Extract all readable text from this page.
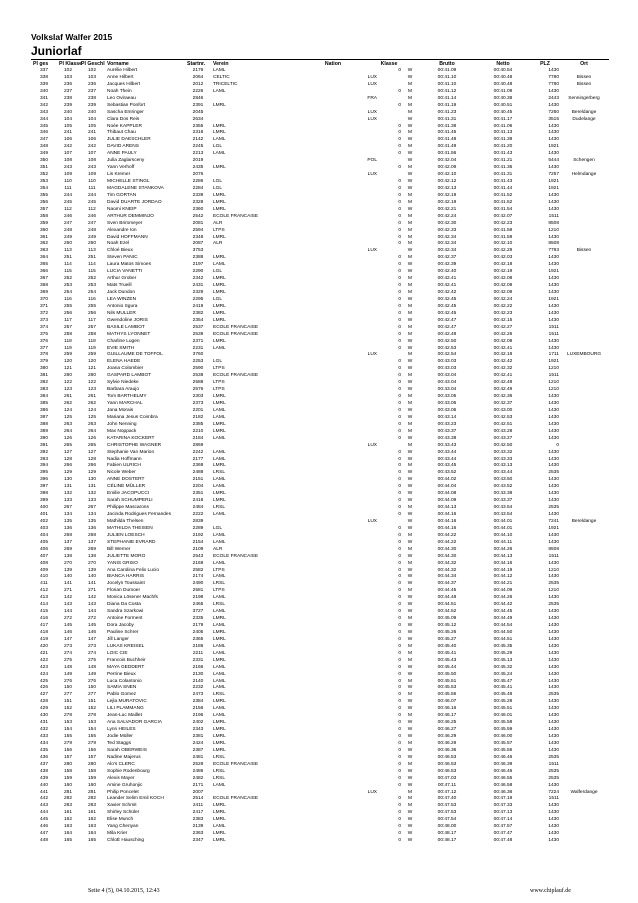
Volkslaf Walfer 2015
Juniorlaf
Pl ges	Pl Klasse	Pl Geschl	Vorname	Startnr.	Verein	Nation	Klasse		Brutto	Netto	PLZ	Ort
337	102	102	Aurélie Hilbert	2176	LAML		0	W	00:41.09	00:40.54	1430	
338	103	103	Anne Hilbert	2064	CELTIC	LUX		W	00:41.10	00:40.48	7780	Bissen
339	236	236	Jacques Hilbert	2012	TRICELTIC	LUX		M	00:41.10	00:40.48	7780	Bissen
340	237	237	Noah Thein	2226	LAML		0	M	00:41.12	00:41.09	1430	
341	238	238	Leo Oviraeau	2846		FRA		M	00:41.14	00:40.38	2443	Senningerberg
342	239	239	Sebastian Ponfort	2391	LMRL		0	M	00:41.19	00:40.51	1430	
343	240	240	Sascha Emringer	2045		LUX		M	00:41.23	00:40.45	7260	Bereldange
344	104	104	Clara Dos Reis	2634		LUX		W	00:41.31	00:41.17	3515	Dudelange
345	105	105	Noée KAPPLER	2355	LMRL		0	W	00:41.38	00:41.06	1430	
346	241	241	Thibaut Chau	2318	LMRL		0	M	00:41.45	00:41.13	1430	
347	106	106	JULIE DAESCHLER	2142	LAML		0	W	00:41.48	00:41.39	1430	
348	242	242	DAVID ARENS	2245	LGL		0	M	00:41.49	00:41.20	1921	
349	107	107	ANNE PAULY	2213	LAML		0	W	00:41.56	00:41.43	1430	
350	108	108	Julia Zaglarsceny	2019		POL		W	00:42.04	00:41.21	5444	Schengen
351	243	243	Yann Verhoff	2435	LMRL		0	M	00:42.09	00:41.36	1430	
352	109	109	Lis Kremer	2076		LUX		W	00:42.10	00:41.31	7257	Helmdange
353	110	110	MICHELLE STINGL	2286	LGL		0	W	00:42.12	00:41.43	1921	
354	111	111	MAGDALENE STANKOVA	2284	LGL		0	W	00:42.13	00:41.44	1921	
355	244	244	Tim GORTAN	2339	LMRL		0	M	00:42.19	00:41.52	1430	
356	245	245	David DUARTE JORDAO	2328	LMRL		0	M	00:42.19	00:41.52	1430	
357	112	112	Naomi KNEIP	2360	LMRL		0	W	00:42.21	00:41.54	1430	
358	246	246	ARTHUR DEMMINJO	2542	ECOLE FRANCAISE		0	M	00:42.24	00:42.07	1511	
359	247	247	Sven Brimmeyer	2081	ALR		0	M	00:42.30	00:42.23	8508	
360	248	248	Alexandre Ion	2594	LTPS		0	M	00:42.33	00:41.58	1210	
361	249	249	David HOFFMANN	2348	LMRL		0	M	00:42.34	00:41.59	1430	
362	250	250	Noah Ezel	2087	ALR		0	M	00:42.34	00:42.10	8508	
363	113	113	Chloé Bieux	3753		LUX		W	00:42.34	00:42.29	7793	Bissen
364	251	251	Steven PANIC	2388	LMRL		0	M	00:42.37	00:42.03	1430	
365	114	114	Laura Matos Simoes	2197	LAML		0	W	00:42.39	00:42.18	1430	
366	115	115	LUCIA VANETTI	2290	LGL		0	W	00:42.40	00:42.19	1921	
367	252	252	Arthur Grober	2342	LMRL		0	M	00:42.41	00:42.08	1430	
368	253	253	Mats Trueill	2431	LMRL		0	M	00:42.41	00:42.08	1430	
369	254	254	Jack Dundon	2329	LMRL		0	M	00:42.42	00:42.09	1430	
370	116	116	LEA WINZEN	2295	LGL		0	W	00:42.45	00:42.24	1921	
371	255	255	Antonio Sgura	2419	LMRL		0	M	00:42.45	00:42.22	1430	
372	256	256	Nils MULLER	2382	LMRL		0	M	00:42.45	00:42.23	1430	
373	117	117	Gwendoline JORIS	2354	LMRL		0	W	00:42.47	00:42.15	1430	
374	257	257	BASILE LAMBOT	2537	ECOLE FRANCAISE		0	M	00:42.47	00:42.27	1511	
375	258	258	MATHYS LYONNET	2539	ECOLE FRANCAISE		0	M	00:42.48	00:42.26	1511	
376	118	118	Charline Lugen	2371	LMRL		0	W	00:42.50	00:42.08	1430	
377	119	119	EVIE SMITH	2231	LAML		0	W	00:42.53	00:42.41	1430	
378	259	259	GUILLAUME DE TOFFOL	3760		LUX		M	00:42.54	00:42.18	1711	LUXEMBOURG
379	120	120	ELENA HAEDE	2253	LGL		0	W	00:43.03	00:42.42	1921	
380	121	121	Joana Colombier	2590	LTPS		0	W	00:43.03	00:42.32	1210	
381	260	260	GASPARD LAMBOT	2538	ECOLE FRANCAISE		0	M	00:43.04	00:42.41	1511	
382	122	122	Sylvie Niedeke	2588	LTPS		0	W	00:43.04	00:42.48	1210	
383	123	123	Barbara Araujo	2576	LTPS		0	W	00:43.04	00:42.49	1210	
384	261	261	Tom BARTHELMY	2303	LMRL		0	M	00:43.05	00:42.36	1430	
385	262	262	Yann MARCHAL	2373	LMRL		0	M	00:43.05	00:42.37	1430	
386	124	124	Jana Morais	2201	LAML		0	W	00:43.06	00:43.00	1430	
387	125	125	Mariana Jesus Coimbra	2182	LAML		0	W	00:43.14	00:42.53	1430	
388	263	263	John Nenning	2385	LMRL		0	M	00:43.23	00:42.51	1430	
389	264	264	Max Noppack	2210	LMRL		0	M	00:43.37	00:43.28	1430	
390	126	126	KATARINA KOCKERT	2184	LAML		0	W	00:43.38	00:43.27	1430	
391	265	265	CHRISTOPHE WAGNER	2869		LUX		M	00:43.43	00:42.50	0	
392	127	127	Stephanie Van Marion	2242	LAML		0	W	00:43.44	00:43.32	1430	
393	128	128	Nadia Hoffmann	2177	LAML		0	W	00:43.44	00:43.33	1430	
394	266	266	Fabien ULRICH	2368	LMRL		0	M	00:43.45	00:43.13	1430	
395	129	129	Nicole Weber	2488	LRSL		0	W	00:43.52	00:43.44	2535	
396	130	130	ANNE DOSTERT	2151	LAML		0	W	00:44.02	00:43.50	1430	
397	131	131	CÉLINE MÜLLER	2204	LAML		0	W	00:44.04	00:43.52	1430	
398	132	132	Emilie JACOPUCCI	2351	LMRL		0	W	00:44.08	00:43.38	1430	
399	133	133	Sarah SCHUMPERLI	2418	LMRL		0	W	00:44.09	00:43.37	1430	
400	267	267	Philippe Mascarons	2484	LRSL		0	M	00:44.13	00:43.54	2535	
401	134	134	Jacinda Rodrigues Fernandes	2222	LAML		0	W	00:44.16	00:43.54	1430	
402	135	135	Mathilda Thelsen	2839		LUX		W	00:44.16	00:44.01	7241	Bereldange
403	136	136	MATHILDA THEISEN	2289	LGL		0	W	00:44.16	00:44.01	1921	
404	268	268	JULIEN LOESCH	2192	LAML		0	M	00:44.22	00:44.10	1430	
405	137	137	STEPHANIE EVRARD	2154	LAML		0	W	00:44.22	00:44.11	1430	
406	269	269	Bill Werner	2109	ALR		0	M	00:44.30	00:44.26	8508	
407	138	138	JULIETTE MORO	2543	ECOLE FRANCAISE		0	W	00:44.30	00:44.13	1511	
408	270	270	YANIS GRISO	2169	LAML		0	M	00:44.32	00:44.16	1430	
409	139	139	Ana Carolina Felix Lucio	2582	LTPS		0	W	00:44.32	00:44.19	1210	
410	140	140	BIANCA HARRIS	2174	LAML		0	W	00:44.34	00:44.12	1430	
411	141	141	Jocelyn Toussaint	2490	LRSL		0	W	00:44.37	00:44.21	2535	
412	271	271	Florian Dumoer	2581	LTPS		0	M	00:44.45	00:44.09	1210	
413	142	142	Monica Lösener Machfs	2198	LAML		0	W	00:44.48	00:44.26	1430	
414	143	143	Diana Da Costa	2465	LRSL		0	W	00:44.51	00:44.42	2535	
415	144	144	Sandra Szarkowi	3727	LAML		0	W	00:44.52	00:44.45	1430	
416	272	272	Antoine Forment	2335	LMRL		0	M	00:45.09	00:44.49	1430	
417	145	145	Dora Jacoby	2179	LAML		0	W	00:45.12	00:44.54	1430	
418	146	146	Pauline Schrer	2405	LMRL		0	W	00:45.26	00:44.50	1430	
419	147	147	Jill Langer	2365	LMRL		0	W	00:45.27	00:44.51	1430	
420	273	273	LUKAS KREISEL	2186	LAML		0	M	00:45.40	00:45.35	1430	
421	274	274	LOIC CIE	2211	LAML		0	M	00:45.41	00:45.29	1430	
422	275	275	Francois Buchheir	2331	LMRL		0	M	00:45.43	00:45.13	1430	
423	148	148	MAYA GEDDERT	2166	LAML		0	W	00:45.44	00:45.32	1430	
424	149	149	Perrine Bieux	2130	LAML		0	W	00:45.50	00:45.24	1430	
425	276	276	Luca Colantonio	2140	LAML		0	M	00:45.51	00:45.47	1430	
426	150	150	SAMIA SNEN	2232	LAML		0	W	00:45.53	00:45.41	1430	
427	277	277	Pablo Gomez	2473	LRSL		0	M	00:45.56	00:45.48	2535	
428	151	151	Lejla MURATOVIC	2384	LMRL		0	W	00:46.07	00:45.28	1430	
429	152	152	LILI PLAMMANG	2156	LAML		0	W	00:46.16	00:45.51	1430	
430	278	278	Jean-Luc Maillet	2196	LAML		0	M	00:46.17	00:46.01	1430	
431	153	153	Ana SALVADOR GARCIA	2402	LMRL		0	W	00:46.25	00:45.58	1430	
432	154	154	Lynn HEILES	2343	LMRL		0	W	00:46.27	00:45.59	1430	
433	155	155	Jodie Müller	2381	LMRL		0	W	00:46.29	00:46.00	1430	
434	279	279	Ted Staggs	2424	LMRL		0	M	00:46.29	00:45.57	1430	
435	156	156	Sarah OBERWEIS	2387	LMRL		0	W	00:46.36	00:45.56	1430	
436	157	157	Nadine Majerus	2481	LRSL		0	W	00:46.53	00:46.46	2535	
437	280	280	Alo's CLERC	2528	ECOLE FRANCAISE		0	M	00:46.53	00:46.39	1511	
438	158	158	Sophie Rodenbourg	2486	LRSL		0	W	00:46.53	00:46.46	2535	
439	159	159	Alexis Mayer	2482	LRSL		0	W	00:47.03	00:46.55	2535	
440	160	160	Amine Gruhonjic	2171	LAML		0	W	00:47.11	00:46.58	1430	
441	281	281	Philip Poncelet	2007		LUX		M	00:47.12	00:46.36	7224	Walferdange
442	282	282	Leander Selim Emil KOCH	2514	ECOLE FRANCAISE		0	M	00:47.40	00:47.19	1511	
443	283	283	Xavier Schmit	2411	LMRL		0	M	00:47.53	00:47.33	1430	
444	161	161	Shirley Schüler	2417	LMRL		0	W	00:47.53	00:47.13	1430	
445	162	162	Elise Munch	2383	LMRL		0	W	00:47.54	00:47.14	1430	
446	163	163	Yang Chenyan	2139	LAML		0	W	00:48.00	00:47.57	1430	
447	164	164	Mila Krier	2363	LMRL		0	W	00:48.17	00:47.47	1430	
448	165	165	ChloÉ Hausching	2347	LMRL		0	W	00:48.17	00:47.48	1430	
Seite 4 (5), 04.10.2015, 12:43	www.chiplauf.de
